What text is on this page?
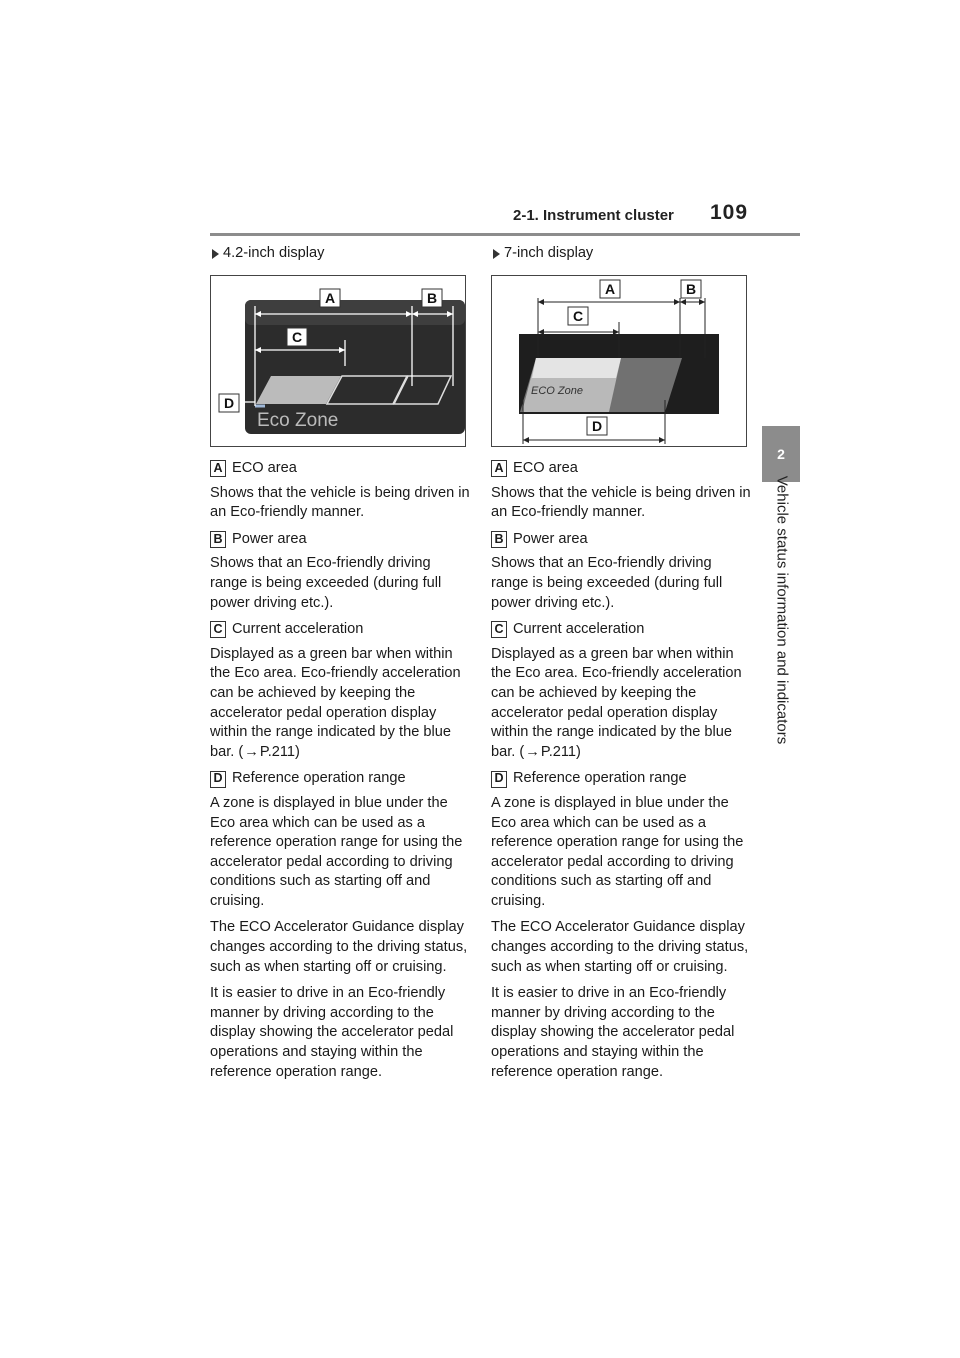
2-1. Instrument cluster 109
2
Vehicle status information and indicators
4.2-inch display
Eco Zone
A	B
C
D
A ECO area

Shows that the vehicle is being driven in an Eco-friendly manner.

B Power area

Shows that an Eco-friendly driving range is being exceeded (during full power driving etc.).

C Current acceleration

Displayed as a green bar when within the Eco area. Eco-friendly acceleration can be achieved by keeping the accelerator pedal operation display within the range indicated by the blue bar. (→P.211)

D Reference operation range

A zone is displayed in blue under the Eco area which can be used as a reference operation range for using the accelerator pedal according to driving conditions such as starting off and cruising.

The ECO Accelerator Guidance display changes according to the driving status, such as when starting off or cruising.

It is easier to drive in an Eco-friendly manner by driving according to the display showing the accelerator pedal operations and staying within the reference operation range.

7-inch display
ECO Zone
A	B
C
D
A ECO area

Shows that the vehicle is being driven in an Eco-friendly manner.

B Power area

Shows that an Eco-friendly driving range is being exceeded (during full power driving etc.).

C Current acceleration

Displayed as a green bar when within the Eco area. Eco-friendly acceleration can be achieved by keeping the accelerator pedal operation display within the range indicated by the blue bar. (→P.211)

D Reference operation range

A zone is displayed in blue under the Eco area which can be used as a reference operation range for using the accelerator pedal according to driving conditions such as starting off and cruising.

The ECO Accelerator Guidance display changes according to the driving status, such as when starting off or cruising.

It is easier to drive in an Eco-friendly manner by driving according to the display showing the accelerator pedal operations and staying within the reference operation range.
